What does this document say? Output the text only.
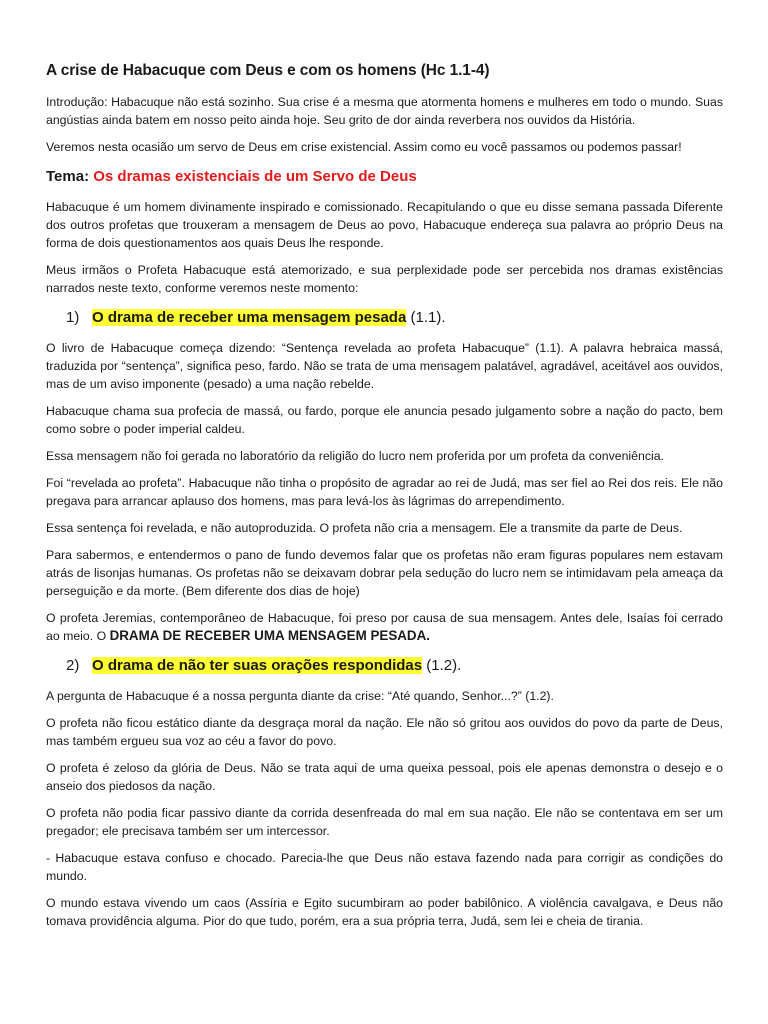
A crise de Habacuque com Deus e com os homens (Hc 1.1-4)

Introdução: Habacuque não está sozinho. Sua crise é a mesma que atormenta homens e mulheres em todo o mundo. Suas angústias ainda batem em nosso peito ainda hoje. Seu grito de dor ainda reverbera nos ouvidos da História.

Veremos nesta ocasião um servo de Deus em crise existencial. Assim como eu você passamos ou podemos passar!

Tema: Os dramas existenciais de um Servo de Deus

Habacuque é um homem divinamente inspirado e comissionado. Recapitulando o que eu disse semana passada Diferente dos outros profetas que trouxeram a mensagem de Deus ao povo, Habacuque endereça sua palavra ao próprio Deus na forma de dois questionamentos aos quais Deus lhe responde.

Meus irmãos o Profeta Habacuque está atemorizado, e sua perplexidade pode ser percebida nos dramas existências narrados neste texto, conforme veremos neste momento:

1) O drama de receber uma mensagem pesada (1.1).

O livro de Habacuque começa dizendo: “Sentença revelada ao profeta Habacuque” (1.1). A palavra hebraica massá, traduzida por “sentença”, significa peso, fardo. Não se trata de uma mensagem palatável, agradável, aceitável aos ouvidos, mas de um aviso imponente (pesado) a uma nação rebelde.

Habacuque chama sua profecia de massá, ou fardo, porque ele anuncia pesado julgamento sobre a nação do pacto, bem como sobre o poder imperial caldeu.

Essa mensagem não foi gerada no laboratório da religião do lucro nem proferida por um profeta da conveniência.

Foi “revelada ao profeta”. Habacuque não tinha o propósito de agradar ao rei de Judá, mas ser fiel ao Rei dos reis. Ele não pregava para arrancar aplauso dos homens, mas para levá-los às lágrimas do arrependimento.

Essa sentença foi revelada, e não autoproduzida. O profeta não cria a mensagem. Ele a transmite da parte de Deus.

Para sabermos, e entendermos o pano de fundo devemos falar que os profetas não eram figuras populares nem estavam atrás de lisonjas humanas. Os profetas não se deixavam dobrar pela sedução do lucro nem se intimidavam pela ameaça da perseguição e da morte. (Bem diferente dos dias de hoje)

O profeta Jeremias, contemporâneo de Habacuque, foi preso por causa de sua mensagem. Antes dele, Isaías foi cerrado ao meio. O DRAMA DE RECEBER UMA MENSAGEM PESADA.

2) O drama de não ter suas orações respondidas (1.2).

A pergunta de Habacuque é a nossa pergunta diante da crise: “Até quando, Senhor...?” (1.2).

O profeta não ficou estático diante da desgraça moral da nação. Ele não só gritou aos ouvidos do povo da parte de Deus, mas também ergueu sua voz ao céu a favor do povo.

O profeta é zeloso da glória de Deus. Não se trata aqui de uma queixa pessoal, pois ele apenas demonstra o desejo e o anseio dos piedosos da nação.

O profeta não podia ficar passivo diante da corrida desenfreada do mal em sua nação. Ele não se contentava em ser um pregador; ele precisava também ser um intercessor.

- Habacuque estava confuso e chocado. Parecia-lhe que Deus não estava fazendo nada para corrigir as condições do mundo.

O mundo estava vivendo um caos (Assíria e Egito sucumbiram ao poder babilônico. A violência cavalgava, e Deus não tomava providência alguma. Pior do que tudo, porém, era a sua própria terra, Judá, sem lei e cheia de tirania.
